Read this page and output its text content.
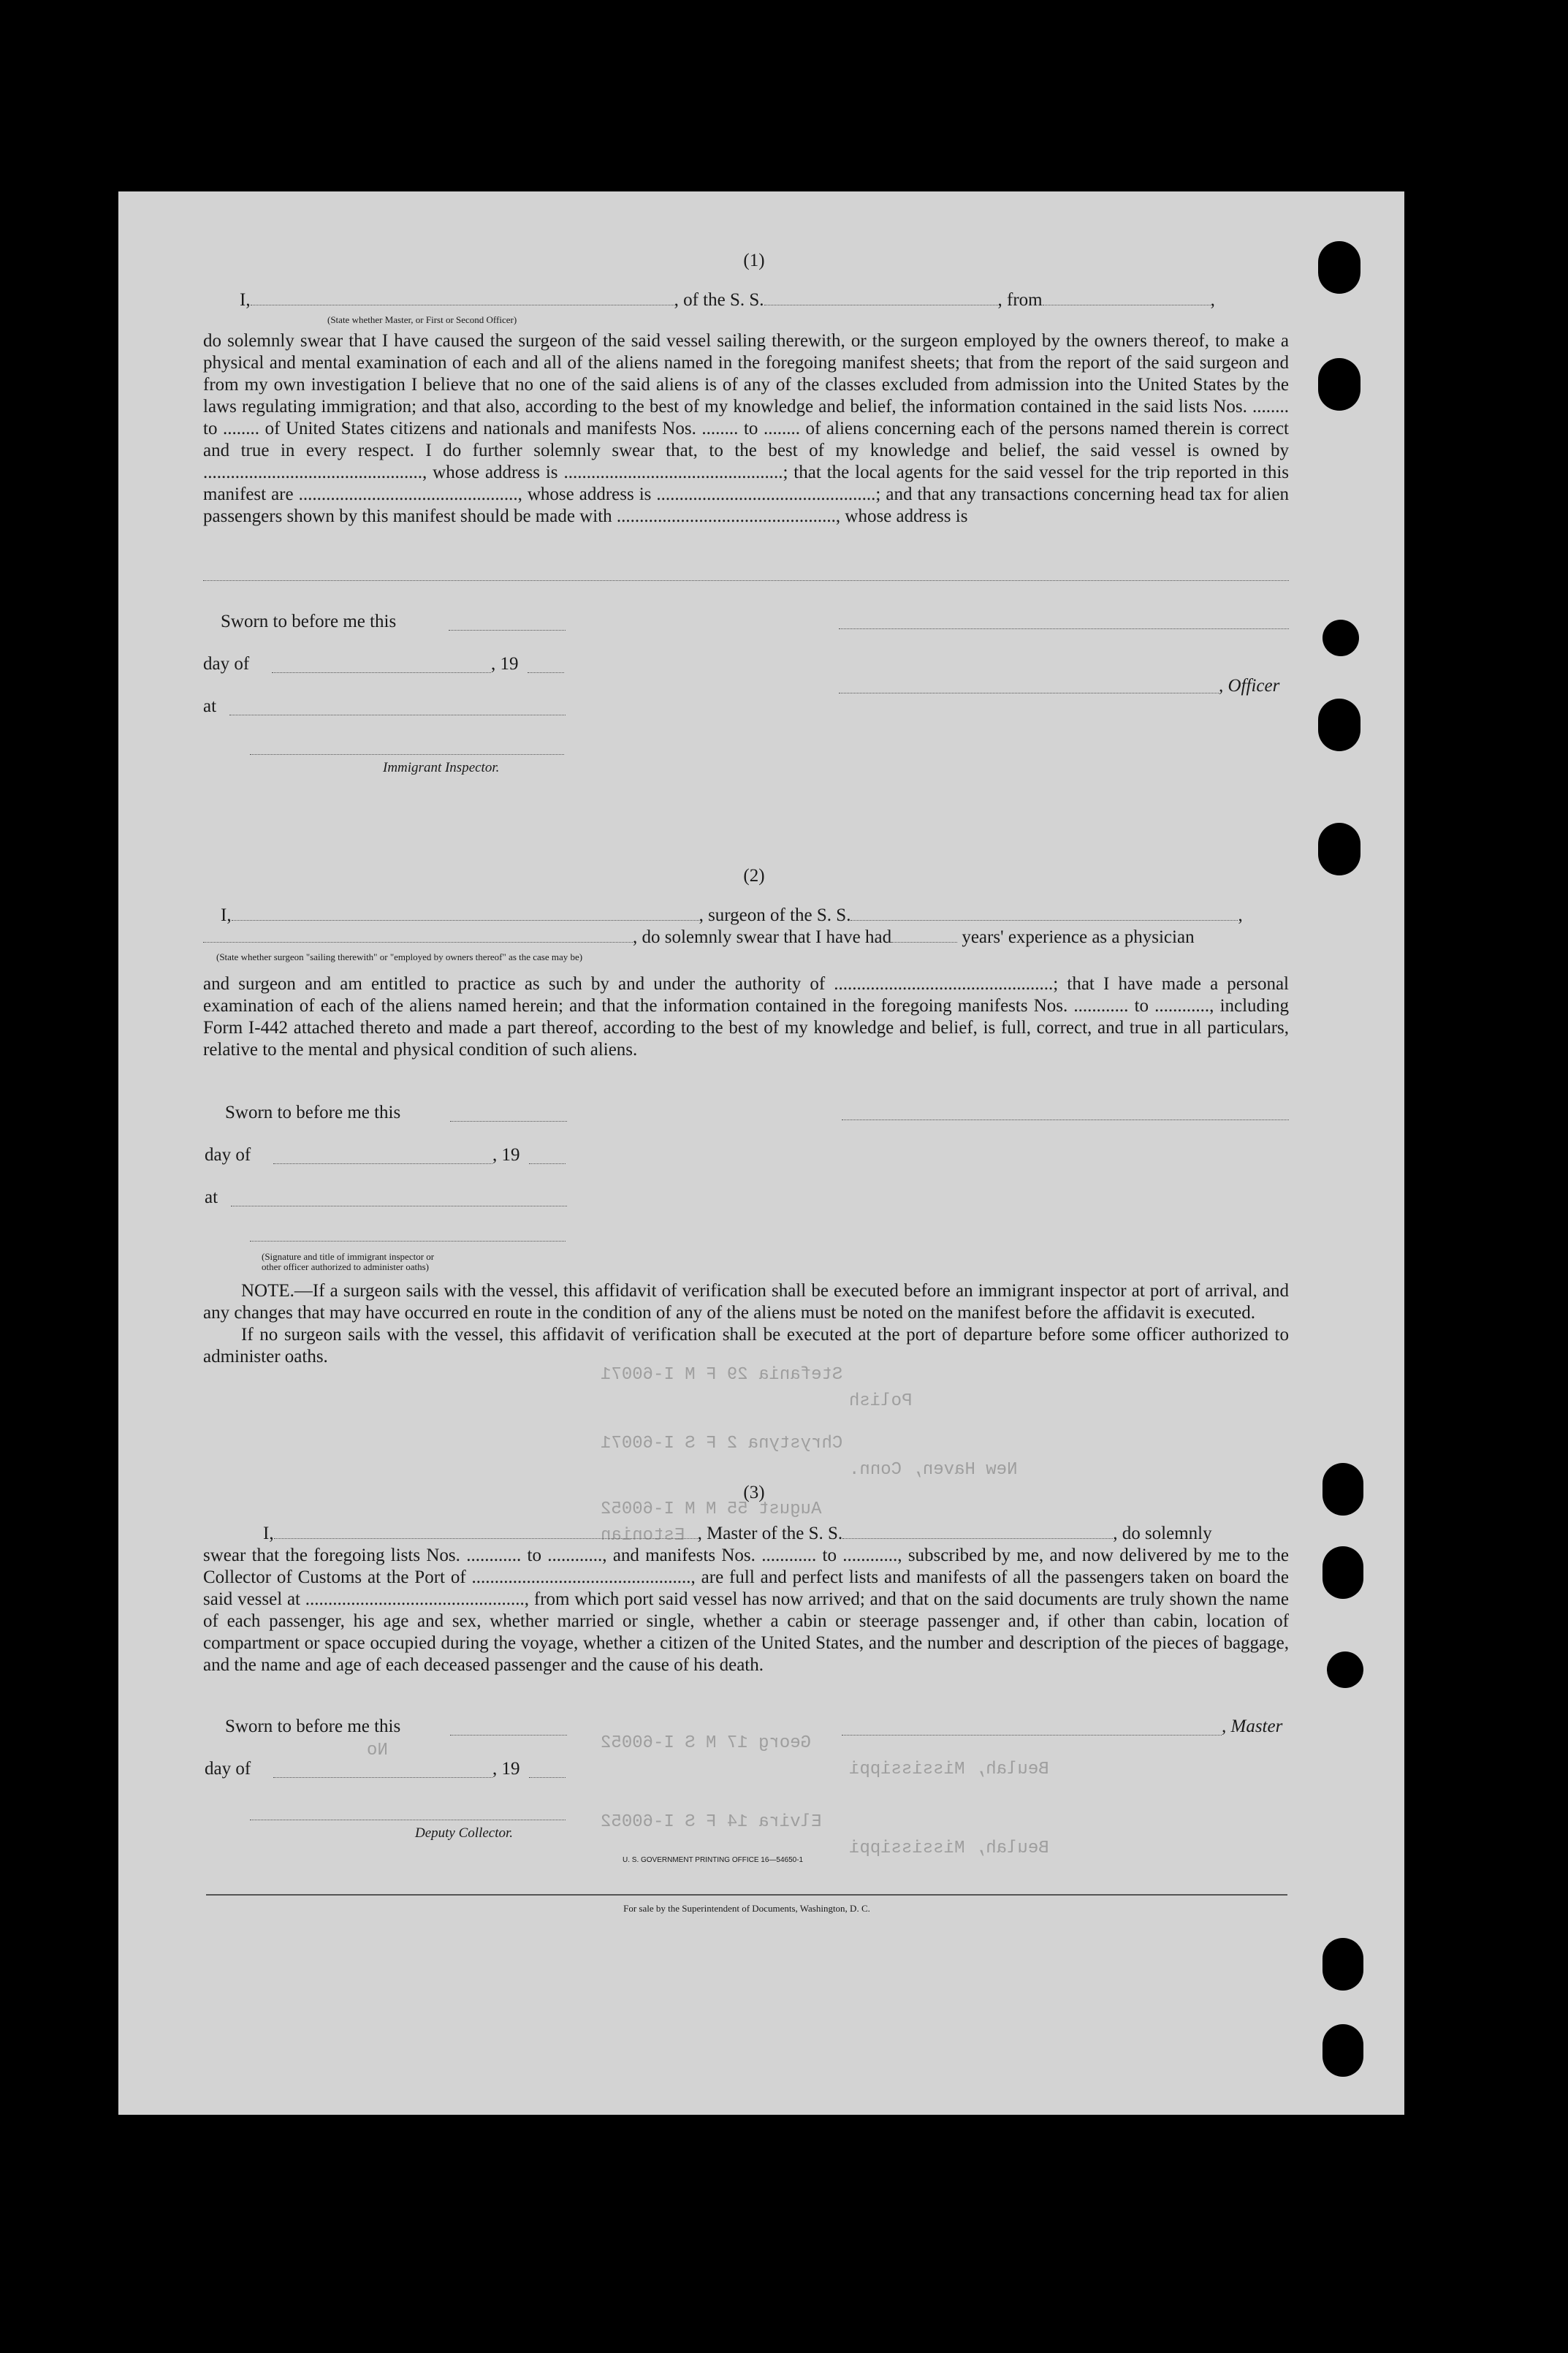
Stefania 29 F M I-60071
Polish
Chrystyna 2 F S I-60071
New Haven, Conn.
August 55 M M I-60052
Estonian
Georg 17 M S I-60052
Beulah, Mississippi
Elvira 14 F S I-60052
Beulah, Mississippi
No
(1)
I,	, of the S. S.	, from	,
(State whether Master, or First or Second Officer)

do solemnly swear that I have caused the surgeon of the said vessel sailing therewith, or the surgeon employed by the owners thereof, to make a physical and mental examination of each and all of the aliens named in the foregoing manifest sheets; that from the report of the said surgeon and from my own investigation I believe that no one of the said aliens is of any of the classes excluded from admission into the United States by the laws regulating immigration; and that also, according to the best of my knowledge and belief, the information contained in the said lists Nos. ........ to ........ of United States citizens and nationals and manifests Nos. ........ to ........ of aliens concerning each of the persons named therein is correct and true in every respect. I do further solemnly swear that, to the best of my knowledge and belief, the said vessel is owned by ................................................, whose address is ................................................; that the local agents for the said vessel for the trip reported in this manifest are ................................................, whose address is ................................................; and that any transactions concerning head tax for alien passengers shown by this manifest should be made with ................................................, whose address is

Sworn to before me this
day of	, 19
, Officer
at
Immigrant Inspector.
(2)
I,	, surgeon of the S. S.	,
, do solemnly swear that I have had	years' experience as a physician
(State whether surgeon "sailing therewith" or "employed by owners thereof" as the case may be)

and surgeon and am entitled to practice as such by and under the authority of ................................................; that I have made a personal examination of each of the aliens named herein; and that the information contained in the foregoing manifests Nos. ............ to ............, including Form I-442 attached thereto and made a part thereof, according to the best of my knowledge and belief, is full, correct, and true in all particulars, relative to the mental and physical condition of such aliens.

Sworn to before me this
day of	, 19
at
(Signature and title of immigrant inspector or
other officer authorized to administer oaths)

NOTE.—If a surgeon sails with the vessel, this affidavit of verification shall be executed before an immigrant inspector at port of arrival, and any changes that may have occurred en route in the condition of any of the aliens must be noted on the manifest before the affidavit is executed.

If no surgeon sails with the vessel, this affidavit of verification shall be executed at the port of departure before some officer authorized to administer oaths.

(3)
I,	, Master of the S. S.	, do solemnly

swear that the foregoing lists Nos. ............ to ............, and manifests Nos. ............ to ............, subscribed by me, and now delivered by me to the Collector of Customs at the Port of ................................................, are full and perfect lists and manifests of all the passengers taken on board the said vessel at ................................................, from which port said vessel has now arrived; and that on the said documents are truly shown the name of each passenger, his age and sex, whether married or single, whether a cabin or steerage passenger and, if other than cabin, location of compartment or space occupied during the voyage, whether a citizen of the United States, and the number and description of the pieces of baggage, and the name and age of each deceased passenger and the cause of his death.

Sworn to before me this	, Master
day of	, 19
Deputy Collector.
U. S. GOVERNMENT PRINTING OFFICE 16—54650-1
For sale by the Superintendent of Documents, Washington, D. C.
